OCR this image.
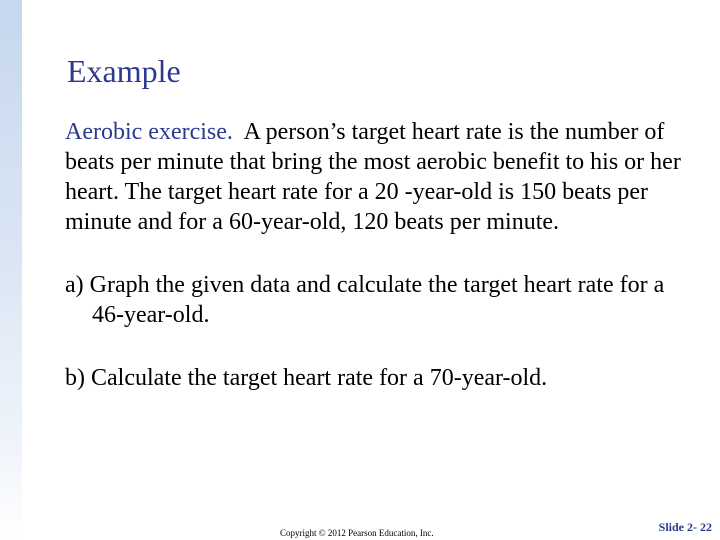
Example

Aerobic exercise. A person’s target heart rate is the number of beats per minute that bring the most aerobic benefit to his or her heart. The target heart rate for a 20 -year-old is 150 beats per minute and for a 60-year-old, 120 beats per minute.

a) Graph the given data and calculate the target heart rate for a 46-year-old.

b) Calculate the target heart rate for a 70-year-old.

Copyright © 2012 Pearson Education, Inc.	Slide 2- 22
